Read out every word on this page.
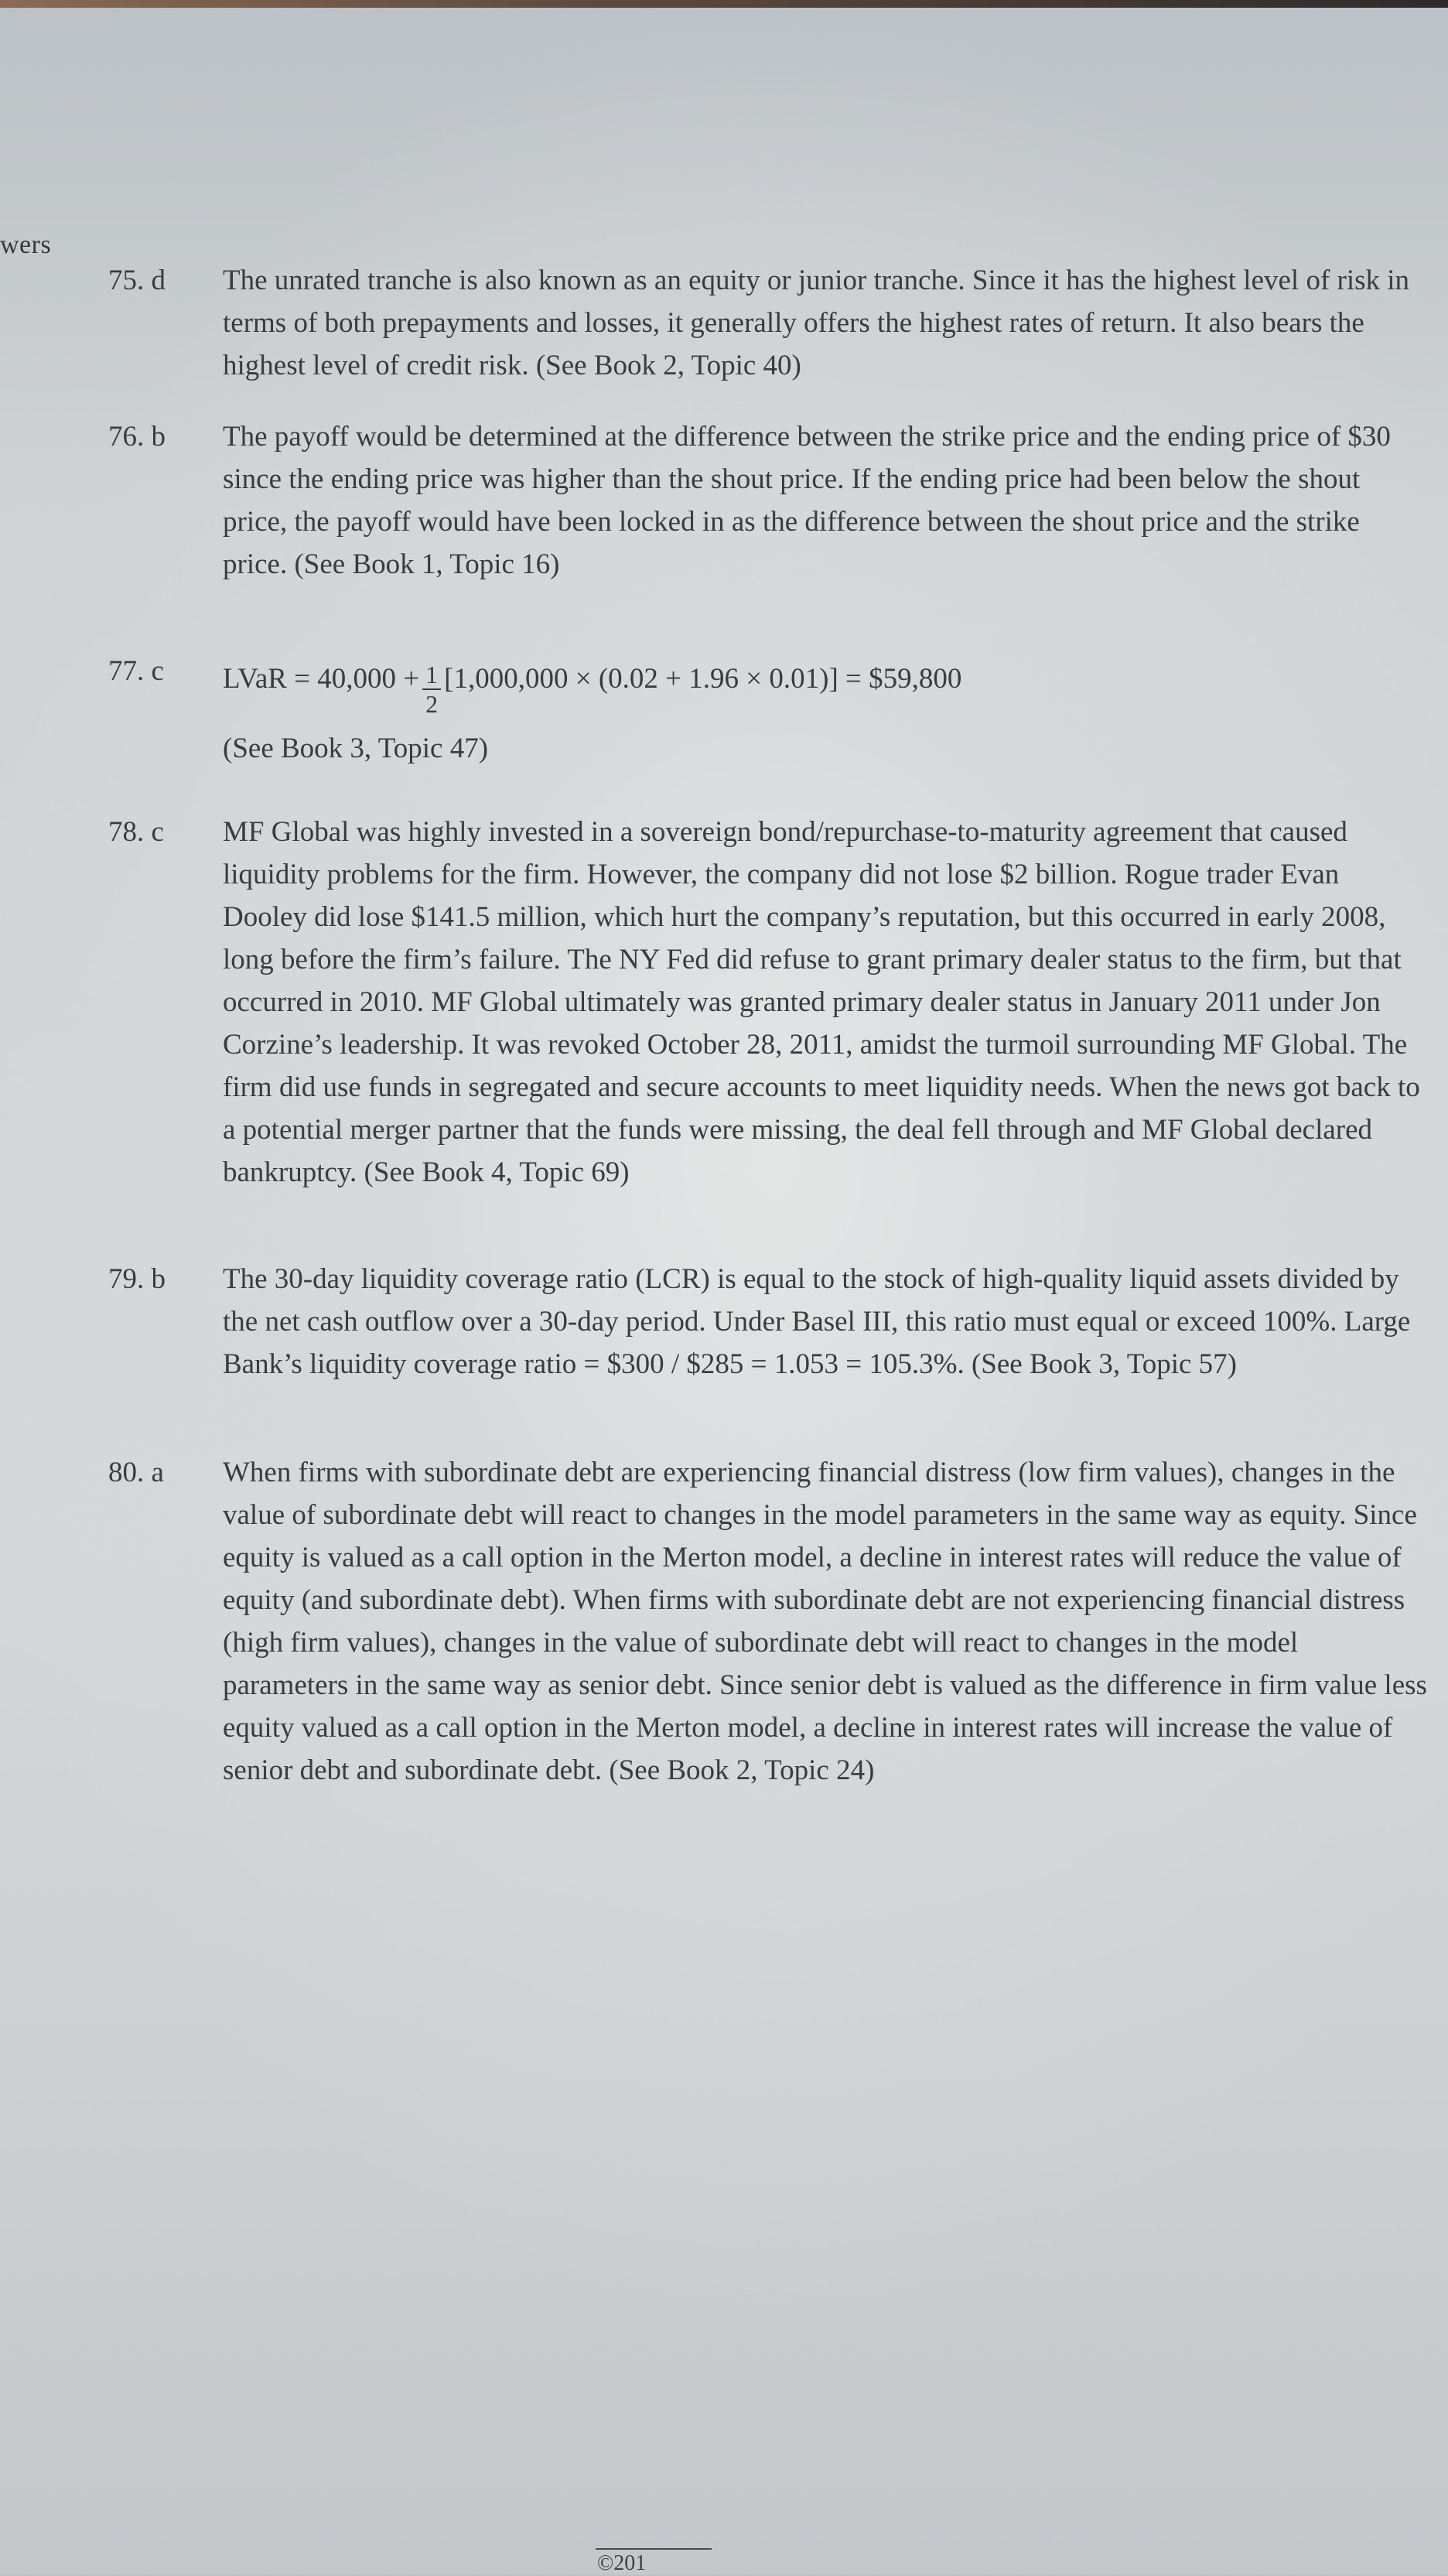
wers
75. d	The unrated tranche is also known as an equity or junior tranche. Since it has the highest level of risk in terms of both prepayments and losses, it generally offers the highest rates of return. It also bears the highest level of credit risk. (See Book 2, Topic 40)
76. b	The payoff would be determined at the difference between the strike price and the ending price of $30 since the ending price was higher than the shout price. If the ending price had been below the shout price, the payoff would have been locked in as the difference between the shout price and the strike price. (See Book 1, Topic 16)
77. c	LVaR = $40,000 + \frac{1}{2} [1,000,000 \times (0.02 + 1.96 \times 0.01)]$ = $59,800
(See Book 3, Topic 47)
78. c	MF Global was highly invested in a sovereign bond/repurchase-to-maturity agreement that caused liquidity problems for the firm. However, the company did not lose $2 billion. Rogue trader Evan Dooley did lose $141.5 million, which hurt the company’s reputation, but this occurred in early 2008, long before the firm’s failure. The NY Fed did refuse to grant primary dealer status to the firm, but that occurred in 2010. MF Global ultimately was granted primary dealer status in January 2011 under Jon Corzine’s leadership. It was revoked October 28, 2011, amidst the turmoil surrounding MF Global. The firm did use funds in segregated and secure accounts to meet liquidity needs. When the news got back to a potential merger partner that the funds were missing, the deal fell through and MF Global declared bankruptcy. (See Book 4, Topic 69)
79. b	The 30-day liquidity coverage ratio (LCR) is equal to the stock of high-quality liquid assets divided by the net cash outflow over a 30-day period. Under Basel III, this ratio must equal or exceed 100%. Large Bank’s liquidity coverage ratio = $300 / $285 = 1.053 = 105.3%. (See Book 3, Topic 57)
80. a	When firms with subordinate debt are experiencing financial distress (low firm values), changes in the value of subordinate debt will react to changes in the model parameters in the same way as equity. Since equity is valued as a call option in the Merton model, a decline in interest rates will reduce the value of equity (and subordinate debt). When firms with subordinate debt are not experiencing financial distress (high firm values), changes in the value of subordinate debt will react to changes in the model parameters in the same way as senior debt. Since senior debt is valued as the difference in firm value less equity valued as a call option in the Merton model, a decline in interest rates will increase the value of senior debt and subordinate debt. (See Book 2, Topic 24)
©201
